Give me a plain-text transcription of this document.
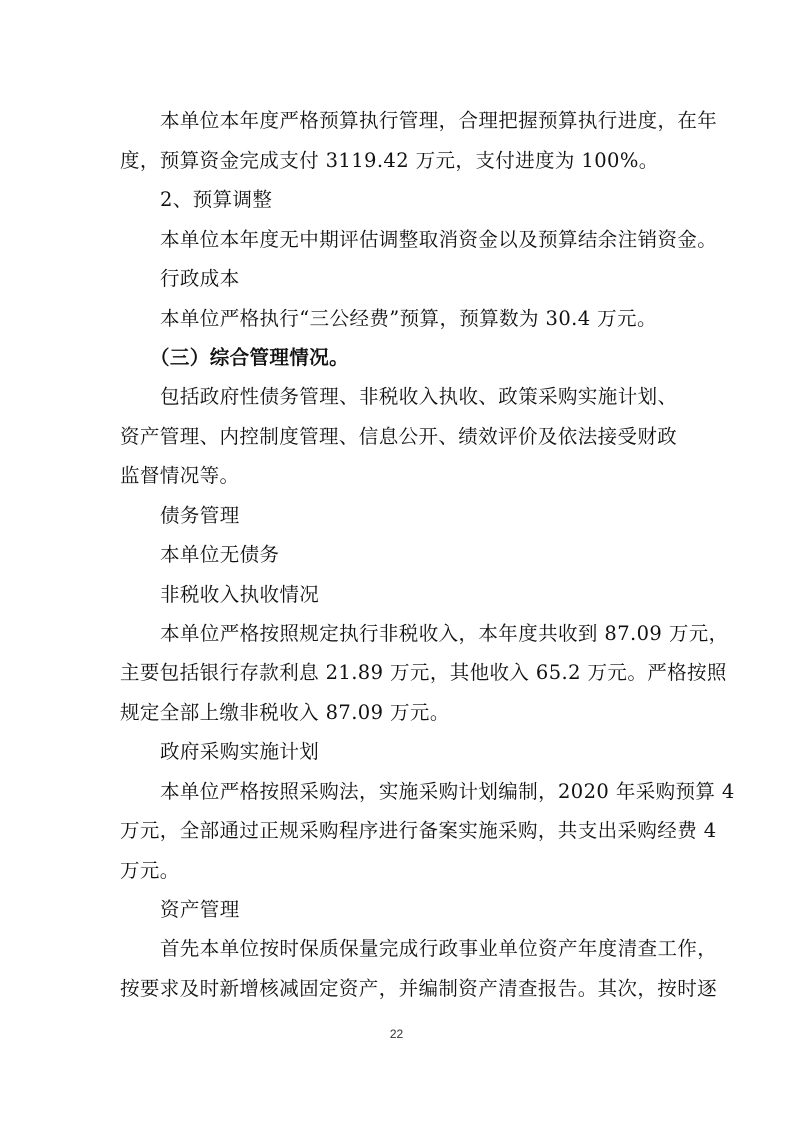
本单位本年度严格预算执行管理，合理把握预算执行进度，在年

度，预算资金完成支付 3119.42 万元，支付进度为 100%。

2、预算调整

本单位本年度无中期评估调整取消资金以及预算结余注销资金。

行政成本

本单位严格执行“三公经费”预算，预算数为 30.4 万元。

（三）综合管理情况。

包括政府性债务管理、非税收入执收、政策采购实施计划、

资产管理、内控制度管理、信息公开、绩效评价及依法接受财政

监督情况等。

债务管理

本单位无债务

非税收入执收情况

本单位严格按照规定执行非税收入，本年度共收到 87.09 万元，

主要包括银行存款利息 21.89 万元，其他收入 65.2 万元。严格按照

规定全部上缴非税收入 87.09 万元。

政府采购实施计划

本单位严格按照采购法，实施采购计划编制，2020 年采购预算 4

万元，全部通过正规采购程序进行备案实施采购，共支出采购经费 4

万元。

资产管理

首先本单位按时保质保量完成行政事业单位资产年度清查工作，

按要求及时新增核减固定资产，并编制资产清查报告。其次，按时逐

22
